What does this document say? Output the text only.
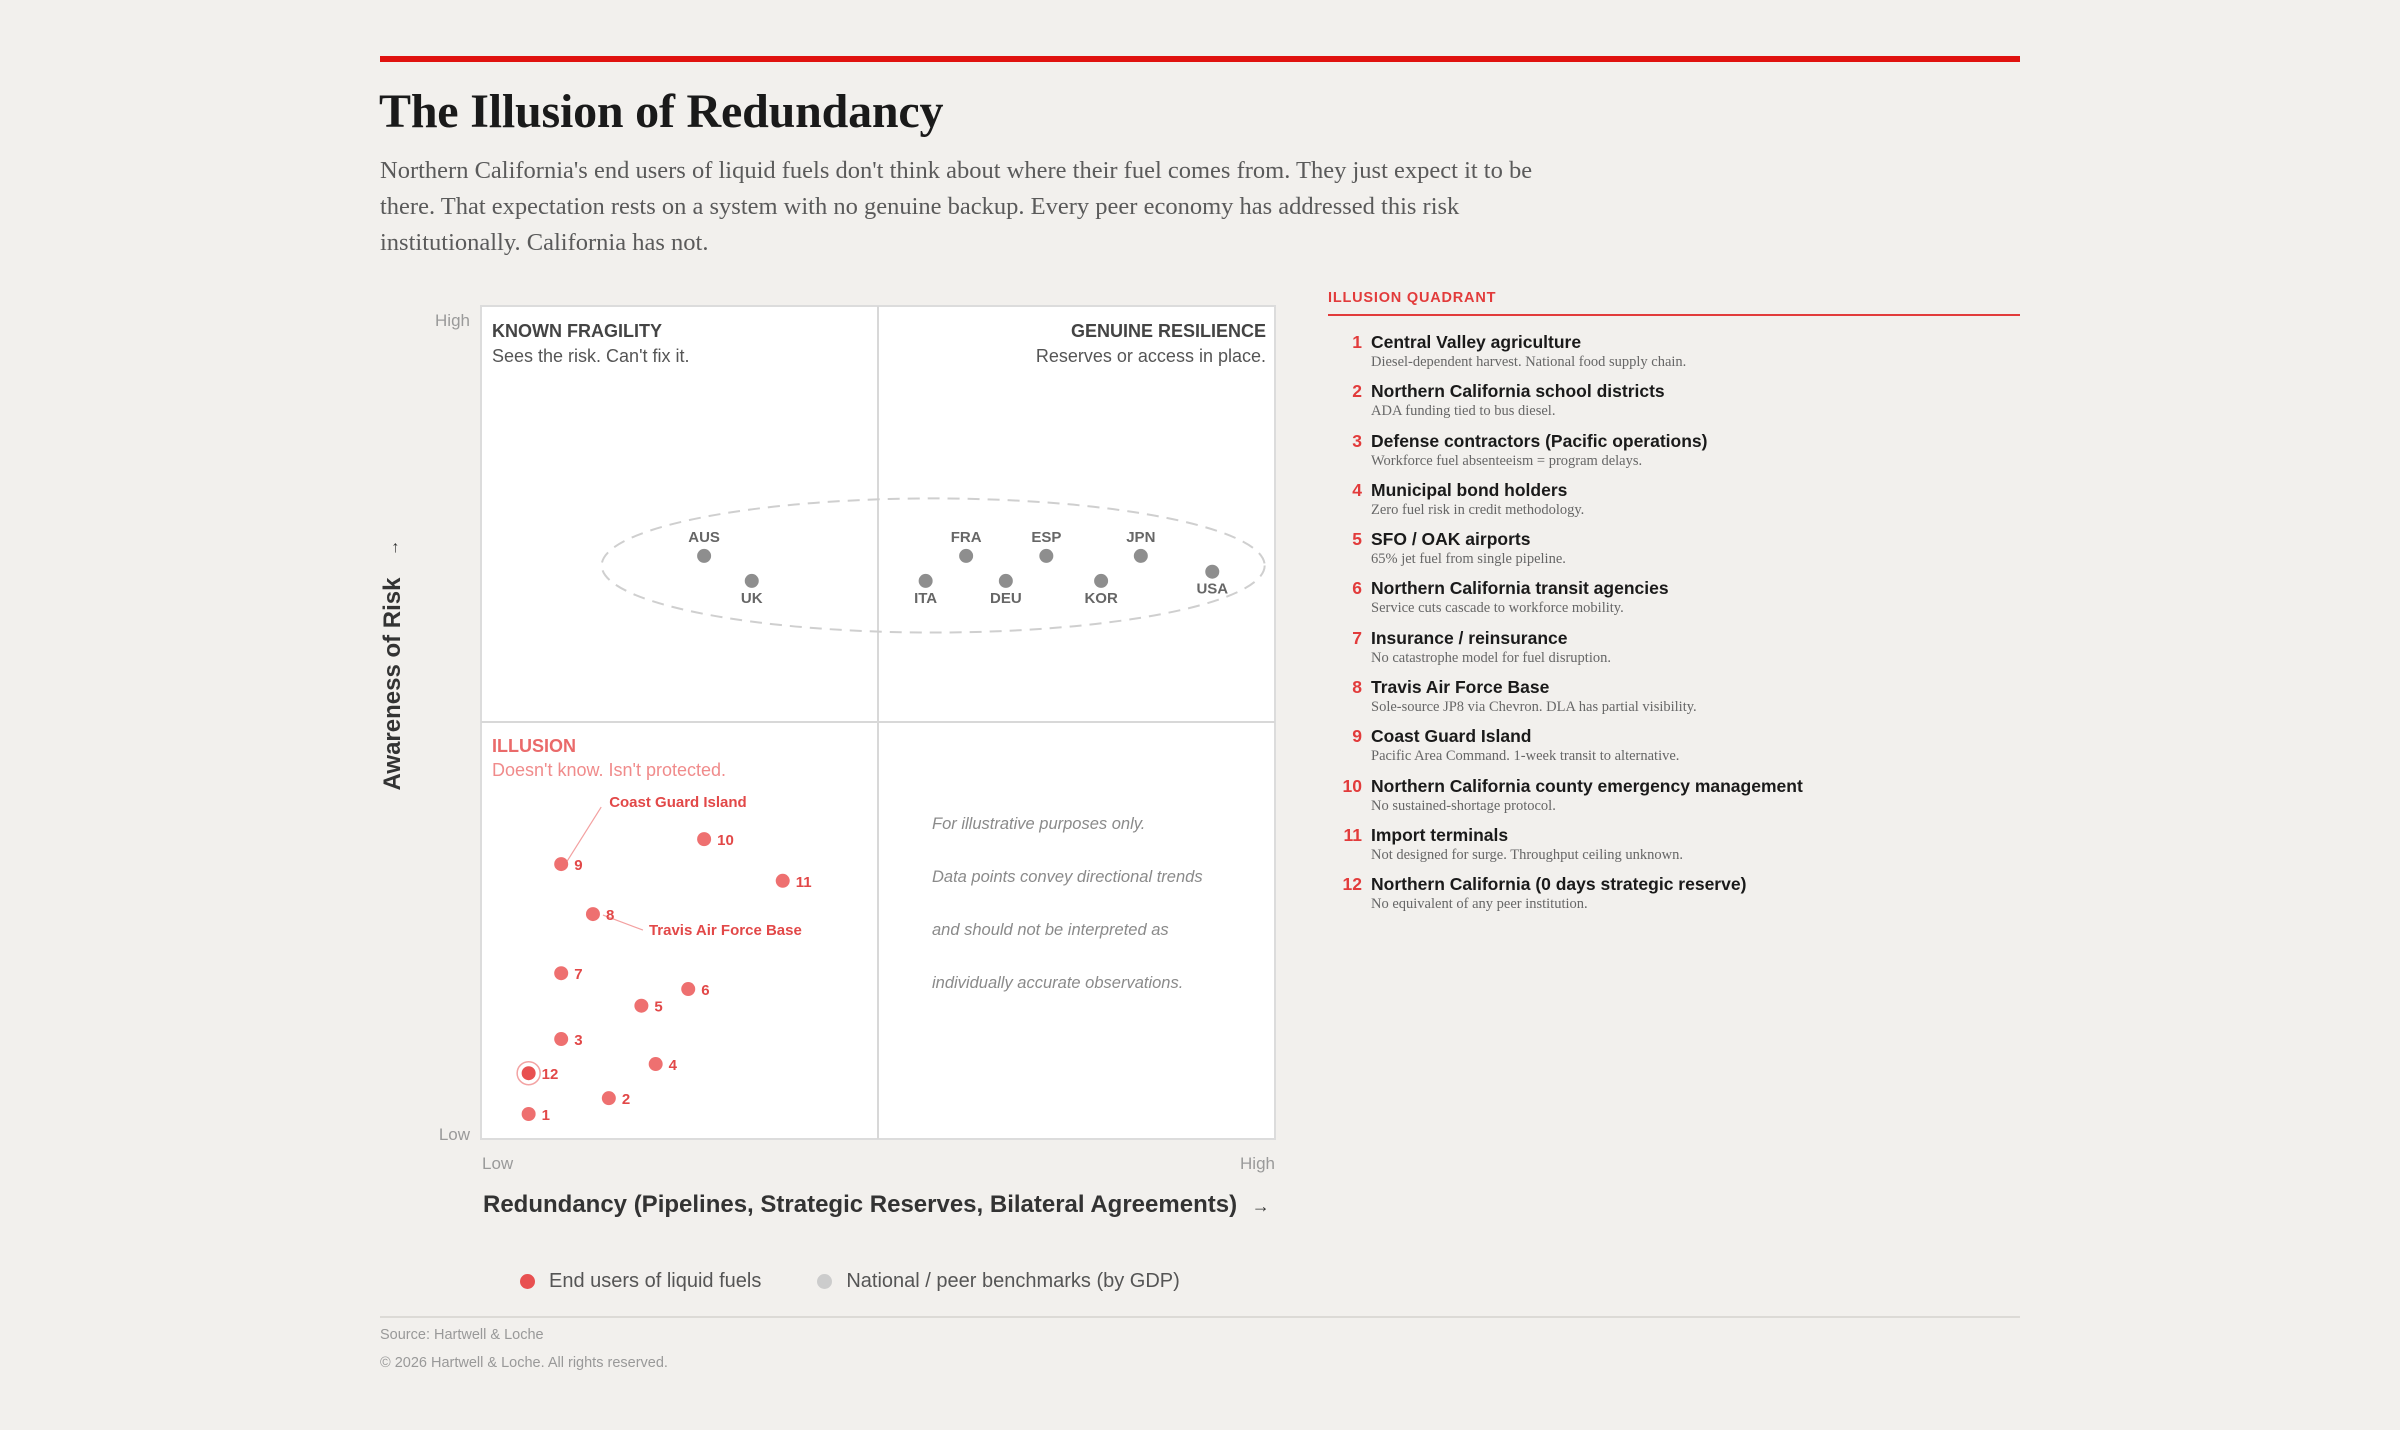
The Illusion of Redundancy

Northern California's end users of liquid fuels don't think about where their fuel comes from. They just expect it to be there. That expectation rests on a system with no genuine backup. Every peer economy has addressed this risk institutionally. California has not.

KNOWN FRAGILITY
Sees the risk. Can't fix it.
GENUINE RESILIENCE
Reserves or access in place.
ILLUSION
Doesn't know. Isn't protected.
For illustrative purposes only.
Data points convey directional trends
and should not be interpreted as
individually accurate observations.
High
Low
Low	High
Awareness of Risk
→
Redundancy (Pipelines, Strategic Reserves, Bilateral Agreements) →
AUS
UK	ITA
FRA
DEU
ESP
KOR
JPN
USA
Travis Air Force Base
Coast Guard Island
1
2
3
4
5
6
7
8
9
10
11
12
End users of liquid fuels	National / peer benchmarks (by GDP)
ILLUSION QUADRANT
1 Central Valley agriculture
Diesel-dependent harvest. National food supply chain.
2 Northern California school districts
ADA funding tied to bus diesel.
3 Defense contractors (Pacific operations)
Workforce fuel absenteeism = program delays.
4 Municipal bond holders
Zero fuel risk in credit methodology.
5 SFO / OAK airports
65% jet fuel from single pipeline.
6 Northern California transit agencies
Service cuts cascade to workforce mobility.
7 Insurance / reinsurance
No catastrophe model for fuel disruption.
8 Travis Air Force Base
Sole-source JP8 via Chevron. DLA has partial visibility.
9 Coast Guard Island
Pacific Area Command. 1-week transit to alternative.
10 Northern California county emergency management
No sustained-shortage protocol.
11 Import terminals
Not designed for surge. Throughput ceiling unknown.
12 Northern California (0 days strategic reserve)
No equivalent of any peer institution.
Source: Hartwell & Loche
© 2026 Hartwell & Loche. All rights reserved.
